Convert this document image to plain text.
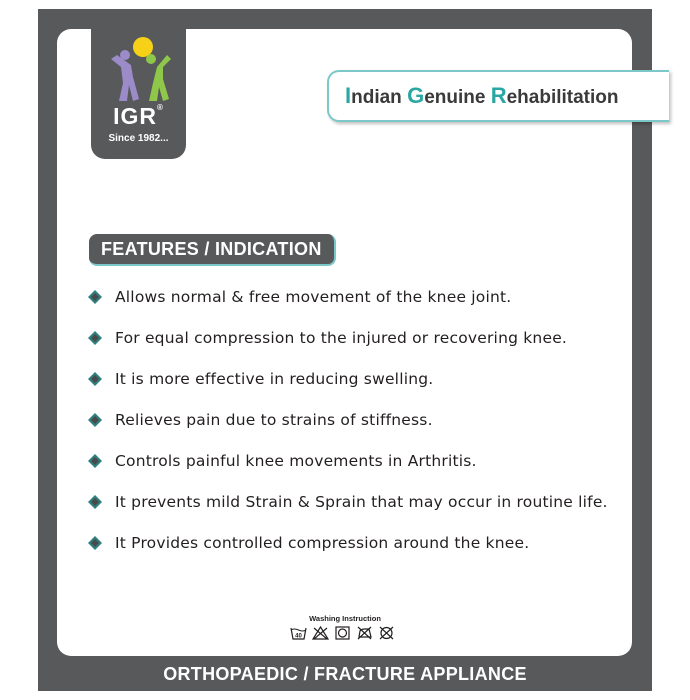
IGR®
Since 1982...
Indian Genuine Rehabilitation
FEATURES / INDICATION
Allows normal & free movement of the knee joint.
For equal compression to the injured or recovering knee.
It is more effective in reducing swelling.
Relieves pain due to strains of stiffness.
Controls painful knee movements in Arthritis.
It prevents mild Strain & Sprain that may occur in routine life.
It Provides controlled compression around the knee.
Washing Instruction
40
ORTHOPAEDIC / FRACTURE APPLIANCE
